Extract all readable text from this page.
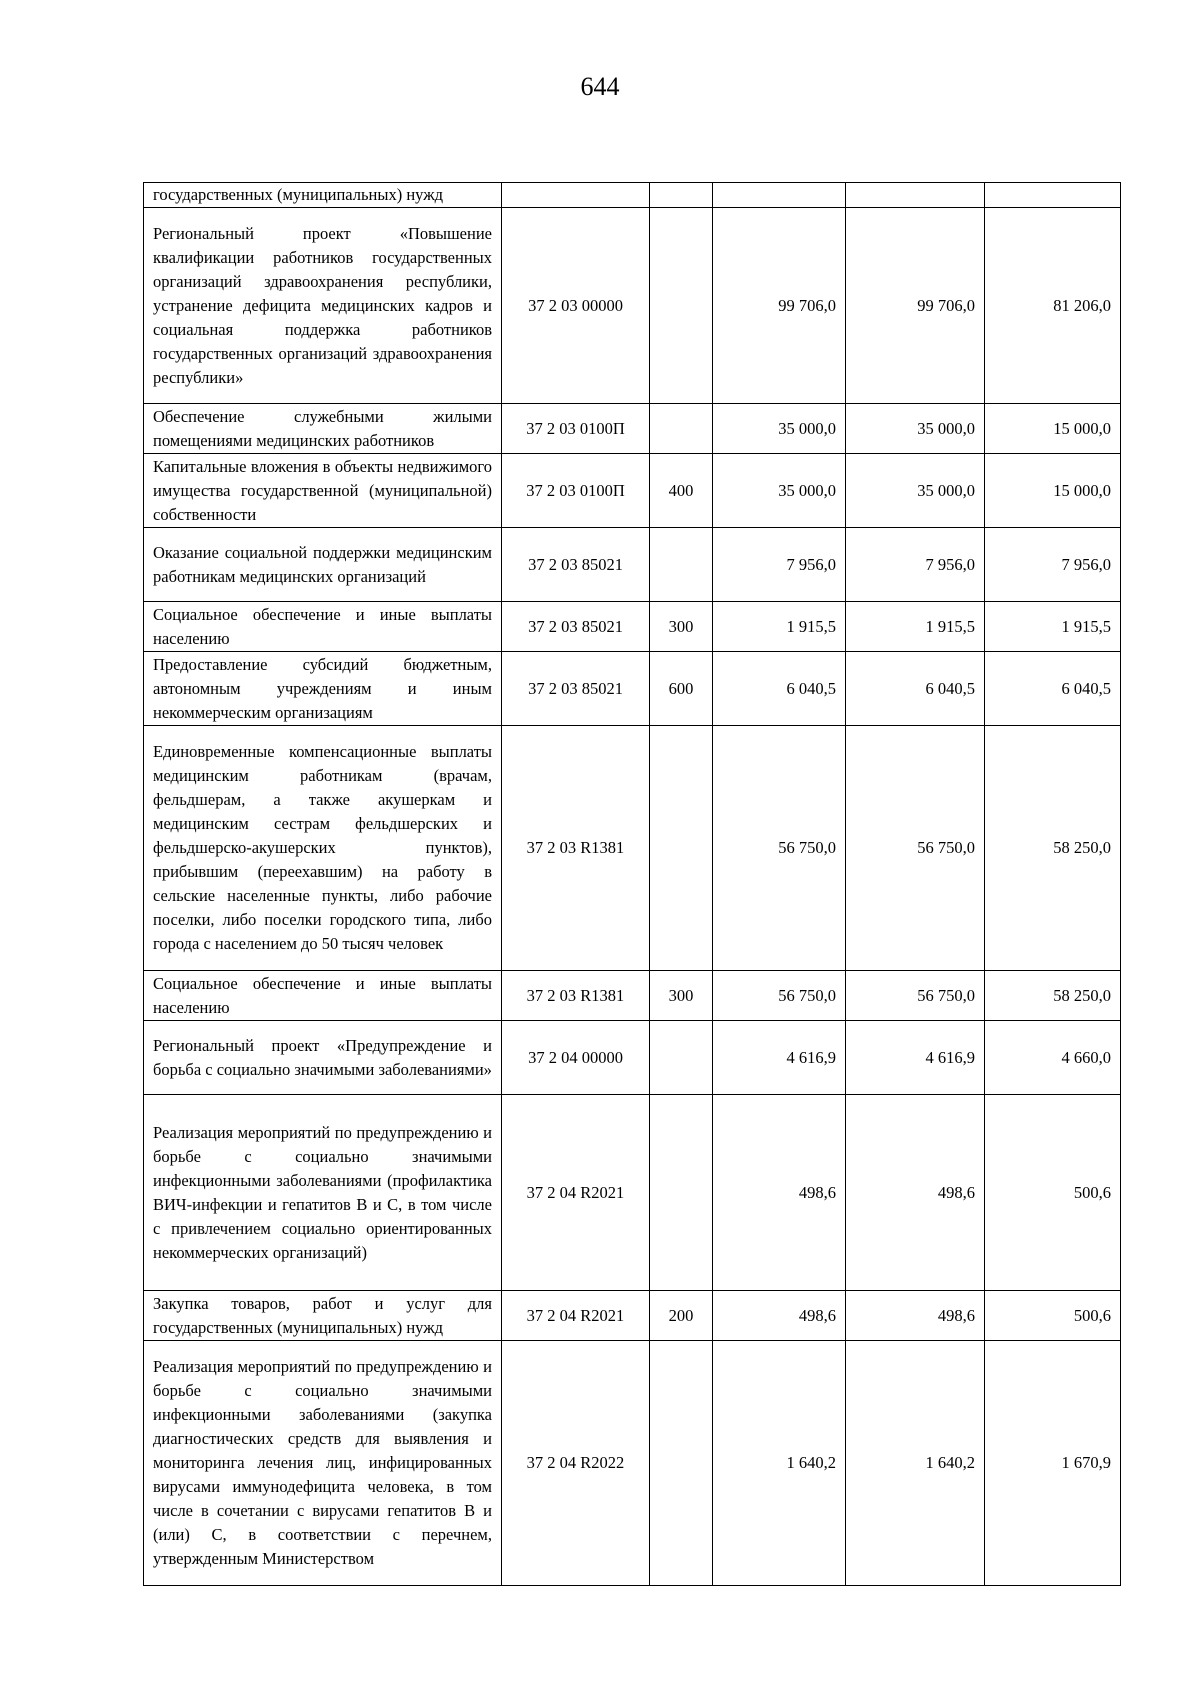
644
государственных (муниципальных) нужд					
Региональный проект «Повышение квалификации работников государственных организаций здравоохранения республики, устранение дефицита медицинских кадров и социальная поддержка работников государственных организаций здравоохранения республики»	37 2 03 00000		99 706,0	99 706,0	81 206,0
Обеспечение служебными жилыми помещениями медицинских работников	37 2 03 0100П		35 000,0	35 000,0	15 000,0
Капитальные вложения в объекты недвижимого имущества государственной (муниципальной) собственности	37 2 03 0100П	400	35 000,0	35 000,0	15 000,0
Оказание социальной поддержки медицинским работникам медицинских организаций	37 2 03 85021		7 956,0	7 956,0	7 956,0
Социальное обеспечение и иные выплаты населению	37 2 03 85021	300	1 915,5	1 915,5	1 915,5
Предоставление субсидий бюджетным, автономным учреждениям и иным некоммерческим организациям	37 2 03 85021	600	6 040,5	6 040,5	6 040,5
Единовременные компенсационные выплаты медицинским работникам (врачам, фельдшерам, а также акушеркам и медицинским сестрам фельдшерских и фельдшерско-акушерских пунктов), прибывшим (переехавшим) на работу в сельские населенные пункты, либо рабочие поселки, либо поселки городского типа, либо города с населением до 50 тысяч человек	37 2 03 R1381		56 750,0	56 750,0	58 250,0
Социальное обеспечение и иные выплаты населению	37 2 03 R1381	300	56 750,0	56 750,0	58 250,0
Региональный проект «Предупреждение и борьба с социально значимыми заболеваниями»	37 2 04 00000		4 616,9	4 616,9	4 660,0
Реализация мероприятий по предупреждению и борьбе с социально значимыми инфекционными заболеваниями (профилактика ВИЧ-инфекции и гепатитов B и C, в том числе с привлечением социально ориентированных некоммерческих организаций)	37 2 04 R2021		498,6	498,6	500,6
Закупка товаров, работ и услуг для государственных (муниципальных) нужд	37 2 04 R2021	200	498,6	498,6	500,6
Реализация мероприятий по предупреждению и борьбе с социально значимыми инфекционными заболеваниями (закупка диагностических средств для выявления и мониторинга лечения лиц, инфицированных вирусами иммунодефицита человека, в том числе в сочетании с вирусами гепатитов B и (или) C, в соответствии с перечнем, утвержденным Министерством	37 2 04 R2022		1 640,2	1 640,2	1 670,9
